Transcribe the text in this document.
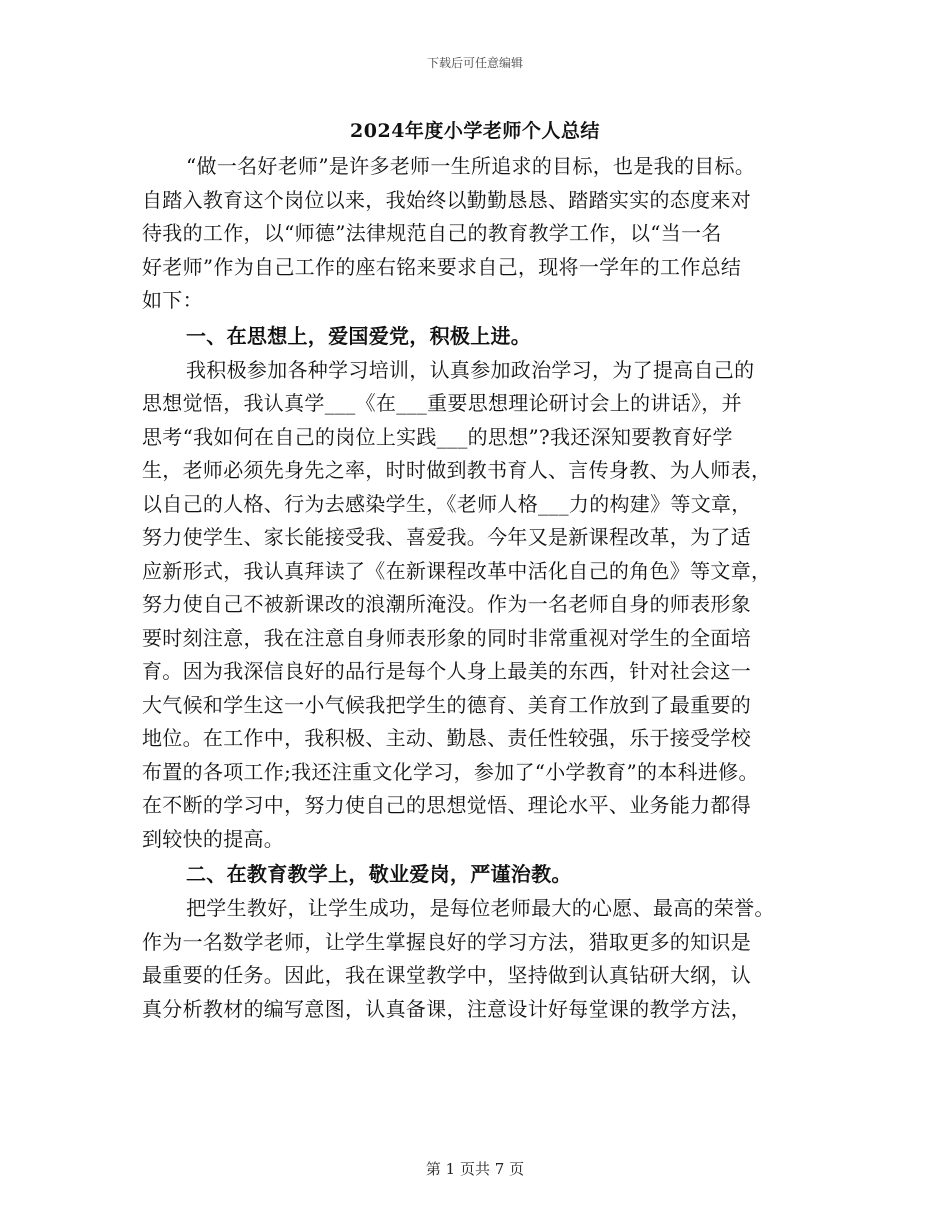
下载后可任意编辑
2024年度小学老师个人总结
“做一名好老师”是许多老师一生所追求的目标，也是我的目标。
自踏入教育这个岗位以来，我始终以勤勤恳恳、踏踏实实的态度来对
待我的工作，以“师德”法律规范自己的教育教学工作，以“当一名
好老师”作为自己工作的座右铭来要求自己，现将一学年的工作总结
如下：
一、在思想上，爱国爱党，积极上进。
我积极参加各种学习培训，认真参加政治学习，为了提高自己的
思想觉悟，我认真学___《在___重要思想理论研讨会上的讲话》，并
思考“我如何在自己的岗位上实践___的思想”?我还深知要教育好学
生，老师必须先身先之率，时时做到教书育人、言传身教、为人师表，
以自己的人格、行为去感染学生，《老师人格___力的构建》等文章，
努力使学生、家长能接受我、喜爱我。今年又是新课程改革，为了适
应新形式，我认真拜读了《在新课程改革中活化自己的角色》等文章，
努力使自己不被新课改的浪潮所淹没。作为一名老师自身的师表形象
要时刻注意，我在注意自身师表形象的同时非常重视对学生的全面培
育。因为我深信良好的品行是每个人身上最美的东西，针对社会这一
大气候和学生这一小气候我把学生的德育、美育工作放到了最重要的
地位。在工作中，我积极、主动、勤恳、责任性较强，乐于接受学校
布置的各项工作;我还注重文化学习，参加了“小学教育”的本科进修。
在不断的学习中，努力使自己的思想觉悟、理论水平、业务能力都得
到较快的提高。
二、在教育教学上，敬业爱岗，严谨治教。
把学生教好，让学生成功，是每位老师最大的心愿、最高的荣誉。
作为一名数学老师，让学生掌握良好的学习方法，猎取更多的知识是
最重要的任务。因此，我在课堂教学中，坚持做到认真钻研大纲，认
真分析教材的编写意图，认真备课，注意设计好每堂课的教学方法，
第 1 页共 7 页
